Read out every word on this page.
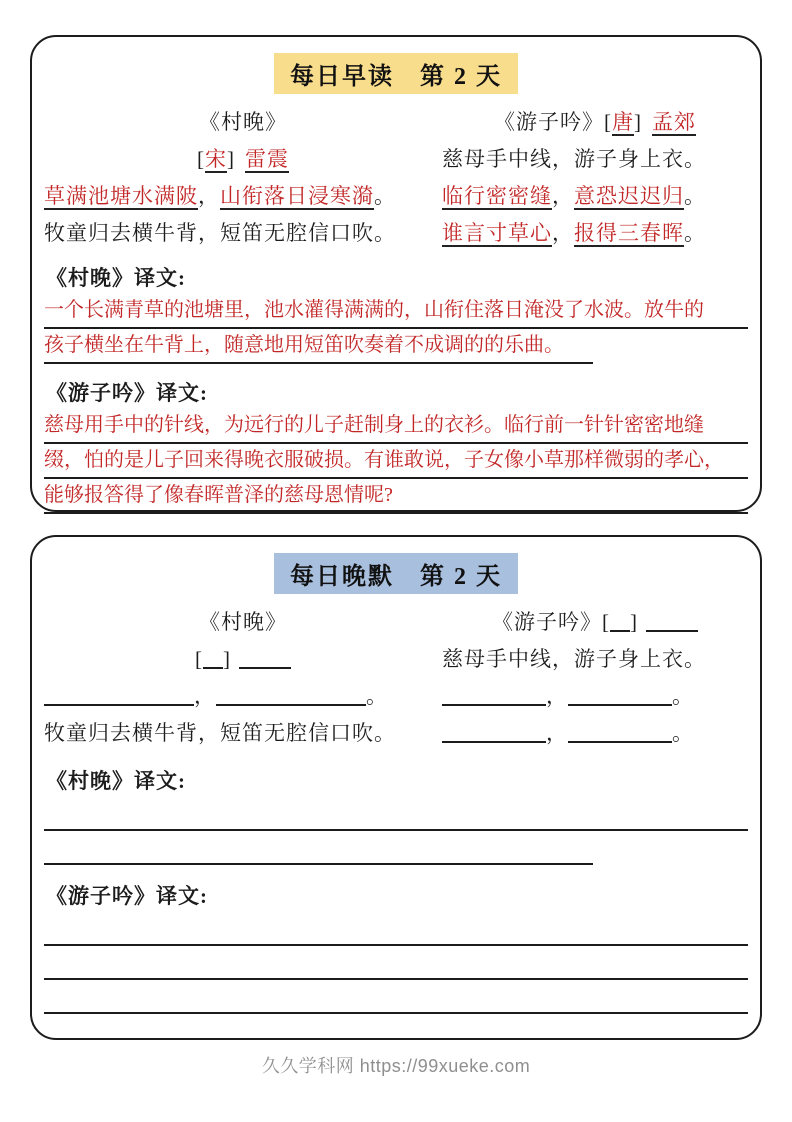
每日早读　第 2 天
《村晚》
[宋] 雷震
草满池塘水满陂，山衔落日浸寒漪。
牧童归去横牛背，短笛无腔信口吹。
《游子吟》[唐] 孟郊
慈母手中线，游子身上衣。
临行密密缝，意恐迟迟归。
谁言寸草心，报得三春晖。
《村晚》译文:
一个长满青草的池塘里，池水灌得满满的，山衔住落日淹没了水波。放牛的
孩子横坐在牛背上，随意地用短笛吹奏着不成调的的乐曲。
《游子吟》译文:
慈母用手中的针线，为远行的儿子赶制身上的衣衫。临行前一针针密密地缝
缀，怕的是儿子回来得晚衣服破损。有谁敢说，子女像小草那样微弱的孝心，
能够报答得了像春晖普泽的慈母恩情呢?
每日晚默　第 2 天
《村晚》
[ ]
，	。
牧童归去横牛背，短笛无腔信口吹。
《游子吟》[ ]
慈母手中线，游子身上衣。
，	。
，	。
《村晚》译文:
《游子吟》译文:
久久学科网 https://99xueke.com
